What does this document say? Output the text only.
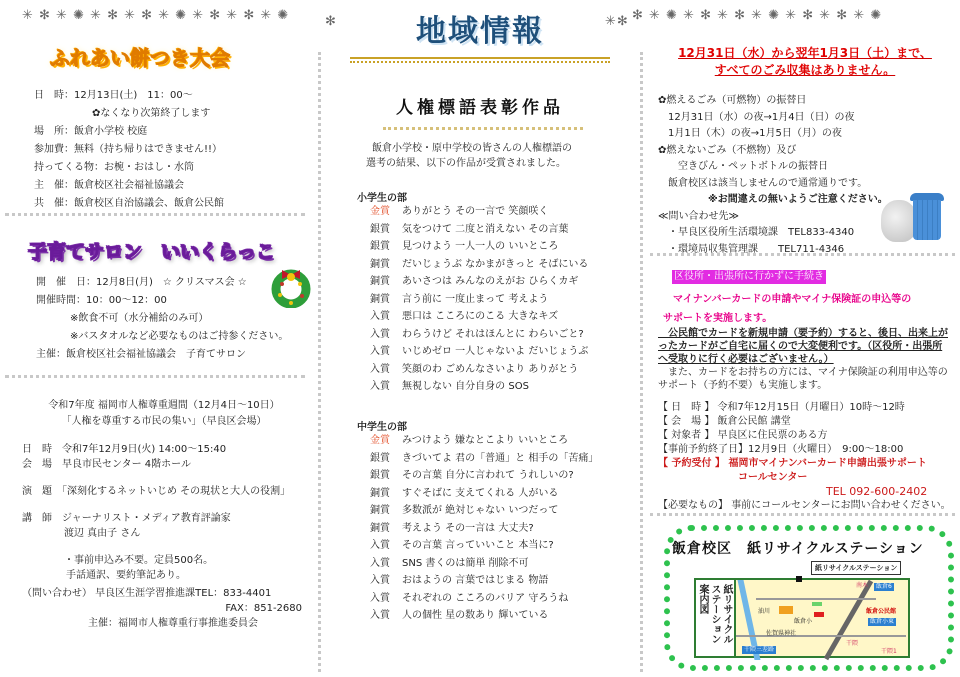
✳ ✻ ✳ ✺ ✳ ✻ ✳ ✻ ✳ ✺ ✳ ✻ ✳ ✻ ✳ ✺	✻	✳✻ ✻ ✳ ✺ ✳ ✻ ✳ ✻ ✳ ✺ ✳ ✻ ✳ ✻ ✳ ✺
ふれあい餅つき大会
日　時：12月13日(土)　11：00～
✿なくなり次第終了します
場　所：飯倉小学校 校庭
参加費：無料（持ち帰りはできません!!）
持ってくる物：お椀・おはし・水筒
主　催：飯倉校区社会福祉協議会
共　催：飯倉校区自治協議会、飯倉公民館
子育てサロン　いいくらっこ
開　催　日：12月8日(月)　☆ クリスマス会 ☆
開催時間：10：00～12：00
※飲食不可（水分補給のみ可）
※バスタオルなど必要なものはご持参ください。
主催：飯倉校区社会福祉協議会　子育てサロン
令和7年度 福岡市人権尊重週間（12月4日～10日）
「人権を尊重する市民の集い」（早良区会場）
日　時　 令和7年12月9日(火) 14:00～15:40
会　場　 早良市民センター 4階ホール
演　題　 「深刻化するネットいじめ その現状と大人の役割」
講　師　 ジャーナリスト・メディア教育評論家
渡辺 真由子 さん
・事前申込み不要。定員500名。
手話通訳、要約筆記あり。
（問い合わせ） 早良区生涯学習推進課TEL：833-4401
FAX：851-2680
主催：福岡市人権尊重行事推進委員会
地域情報
人権標語表彰作品
飯倉小学校・原中学校の皆さんの人権標語の
選考の結果、以下の作品が受賞されました。
小学生の部
金賞 ありがとう その一言で 笑顔咲く
銀賞 気をつけて 二度と消えない その言葉
銀賞 見つけよう 一人一人の いいところ
銅賞 だいじょうぶ なかまがきっと そばにいる
銅賞 あいさつは みんなのえがお ひらくカギ
銅賞 言う前に 一度止まって 考えよう
入賞 悪口は こころにのこる 大きなキズ
入賞 わらうけど それはほんとに わらいごと?
入賞 いじめゼロ 一人じゃないよ だいじょうぶ
入賞 笑顔のわ ごめんなさいより ありがとう
入賞 無視しない 自分自身の SOS
中学生の部
金賞 みつけよう 嫌なとこより いいところ
銀賞 きづいてよ 君の「普通」と 相手の「苦痛」
銀賞 その言葉 自分に言われて うれしいの?
銅賞 すぐそばに 支えてくれる 人がいる
銅賞 多数派が 絶対じゃない いつだって
銅賞 考えよう その一言は 大丈夫?
入賞 その言葉 言っていいこと 本当に?
入賞 SNS 書くのは簡単 削除不可
入賞 おはようの 言葉ではじまる 物語
入賞 それぞれの こころのバリア 守ろうね
入賞 人の個性 星の数あり 輝いている
12月31日（水）から翌年1月3日（土）まで、
すべてのごみ収集はありません。
✿燃えるごみ（可燃物）の振替日
　12月31日（水）の夜→1月4日（日）の夜
　1月1日（木）の夜→1月5日（月）の夜
✿燃えないごみ（不燃物）及び
　　空きびん・ペットボトルの振替日
　飯倉校区は該当しませんので通常通りです。
　　　　　※お間違えの無いようご注意ください。
≪問い合わせ先≫
　・早良区役所生活環境課　TEL833-4340
　・環境局収集管理課　　TEL711-4346
区役所・出張所に行かずに手続き
マイナンバーカードの申請やマイナ保険証の申込等の
サポートを実施します。
　公民館でカードを新規申請（要予約）すると、後日、出来上がったカードがご自宅に届くので大変便利です。（区役所・出張所へ受取りに行く必要はございません。）
　また、カードをお持ちの方には、マイナ保険証の利用申込等のサポート（予約不要）も実施します。
【 日　時 】 令和7年12月15日（月曜日）10時～12時
【 会　場 】 飯倉公民館 講堂
【 対象者 】 早良区に住民票のある方
【事前予約終了日】12月9日（火曜日）　9:00～18:00
【 予約受付 】 福岡市マイナンバーカード申請出張サポート
コールセンター
TEL 092-600-2402
【必要なもの】 事前にコールセンターにお問い合わせください。
飯倉校区　紙リサイクルステーション
紙リサイクルステーション
紙リサイクルステーション案内図	油川
飯倉小
飯倉公民館
佐賀県神社
飯倉6
飯倉小東
干隈三差路
南木
干隈
干隈1
